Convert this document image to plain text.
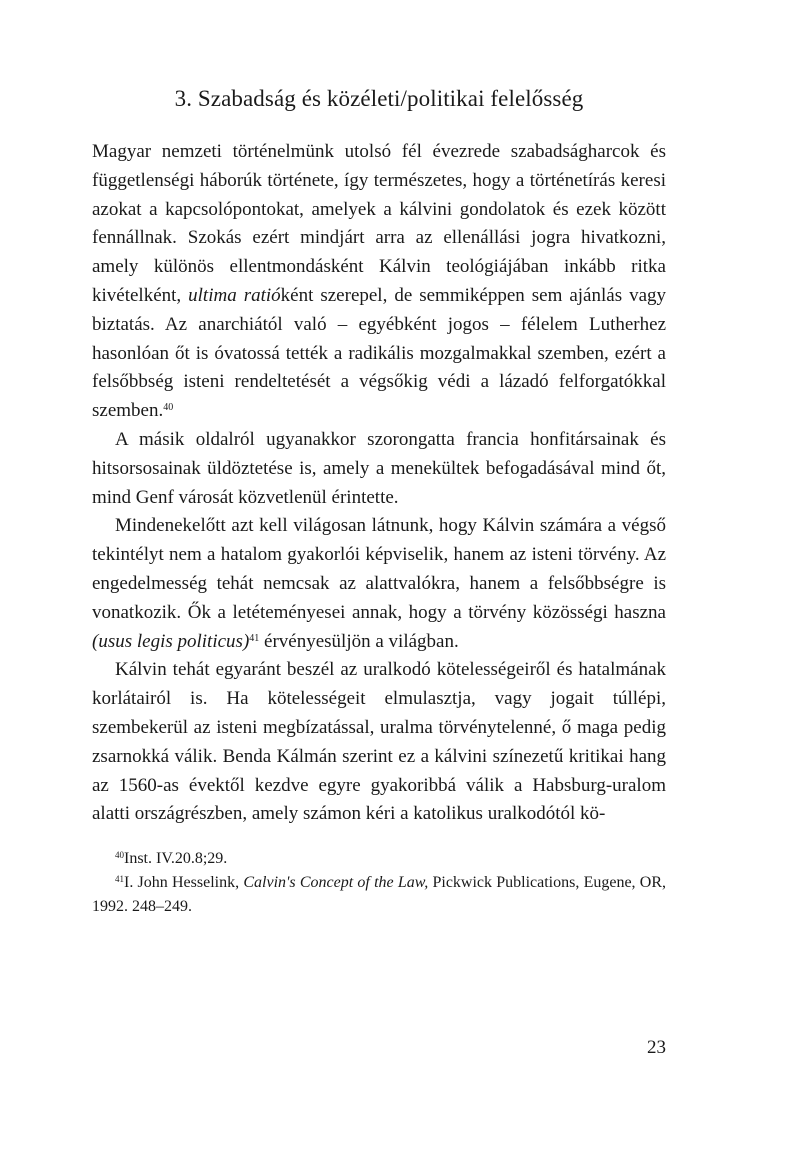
3. Szabadság és közéleti/politikai felelősség

Magyar nemzeti történelmünk utolsó fél évezrede szabadságharcok és függetlenségi háborúk története, így természetes, hogy a történetírás keresi azokat a kapcsolópontokat, amelyek a kálvini gondolatok és ezek között fennállnak. Szokás ezért mindjárt arra az ellenállási jogra hivatkozni, amely különös ellentmondásként Kálvin teológiájában inkább ritka kivételként, ultima ratióként szerepel, de semmiképpen sem ajánlás vagy biztatás. Az anarchiától való – egyébként jogos – félelem Lutherhez hasonlóan őt is óvatossá tették a radikális mozgalmakkal szemben, ezért a felsőbbség isteni rendeltetését a végsőkig védi a lázadó felforgatókkal szemben.$^{40}$

A másik oldalról ugyanakkor szorongatta francia honfitársainak és hitsorsosainak üldöztetése is, amely a menekültek befogadásával mind őt, mind Genf városát közvetlenül érintette.

Mindenekelőtt azt kell világosan látnunk, hogy Kálvin számára a végső tekintélyt nem a hatalom gyakorlói képviselik, hanem az isteni törvény. Az engedelmesség tehát nemcsak az alattvalókra, hanem a felsőbbségre is vonatkozik. Ők a letéteményesei annak, hogy a törvény közösségi haszna (usus legis politicus)$^{41}$ érvényesüljön a világban.

Kálvin tehát egyaránt beszél az uralkodó kötelességeiről és hatalmának korlátairól is. Ha kötelességeit elmulasztja, vagy jogait túllépi, szembekerül az isteni megbízatással, uralma törvénytelenné, ő maga pedig zsarnokká válik. Benda Kálmán szerint ez a kálvini színezetű kritikai hang az 1560-as évektől kezdve egyre gyakoribbá válik a Habsburg-uralom alatti országrészben, amely számon kéri a katolikus uralkodótól kö-

$^{40}$Inst. IV.20.8;29.

$^{41}$I. John Hesselink, Calvin's Concept of the Law, Pickwick Publications, Eugene, OR, 1992. 248–249.

23
